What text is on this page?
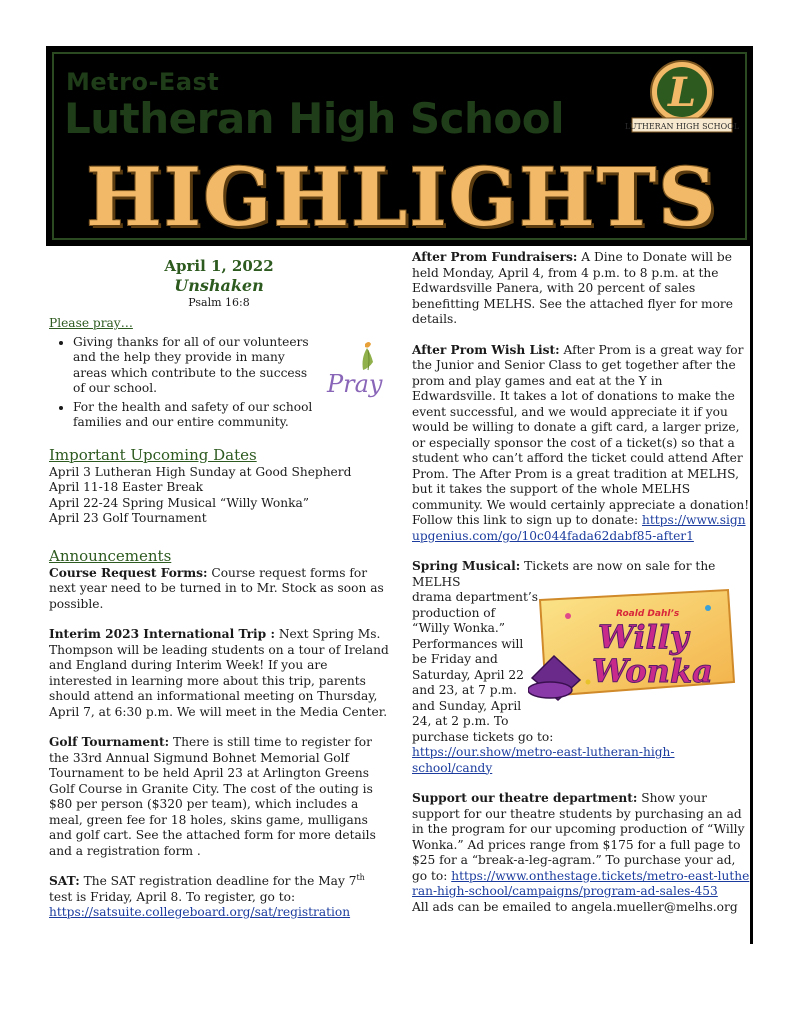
Metro-East
Lutheran High School
HIGHLIGHTS
L
LUTHERAN HIGH SCHOOL

April 1, 2022

Unshaken

Psalm 16:8

Please pray…

• Giving thanks for all of our volunteers and the help they provide in many areas which contribute to the success of our school.
• For the health and safety of our school families and our entire community.
Pray

Important Upcoming Dates

April 3 Lutheran High Sunday at Good Shepherd

April 11-18 Easter Break

April 22-24 Spring Musical “Willy Wonka”

April 23 Golf Tournament

Announcements

Course Request Forms: Course request forms for next year need to be turned in to Mr. Stock as soon as possible.

Interim 2023 International Trip : Next Spring Ms. Thompson will be leading students on a tour of Ireland and England during Interim Week! If you are interested in learning more about this trip, parents should attend an informational meeting on Thursday, April 7, at 6:30 p.m. We will meet in the Media Center.

Golf Tournament: There is still time to register for the 33rd Annual Sigmund Bohnet Memorial Golf Tournament to be held April 23 at Arlington Greens Golf Course in Granite City. The cost of the outing is $80 per person ($320 per team), which includes a meal, green fee for 18 holes, skins game, mulligans and golf cart. See the attached form for more details and a registration form .

SAT: The SAT registration deadline for the May 7th test is Friday, April 8. To register, go to:
https://satsuite.collegeboard.org/sat/registration

After Prom Fundraisers: A Dine to Donate will be held Monday, April 4, from 4 p.m. to 8 p.m. at the Edwardsville Panera, with 20 percent of sales benefitting MELHS. See the attached flyer for more details.

After Prom Wish List: After Prom is a great way for the Junior and Senior Class to get together after the prom and play games and eat at the Y in Edwardsville. It takes a lot of donations to make the event successful, and we would appreciate it if you would be willing to donate a gift card, a larger prize, or especially sponsor the cost of a ticket(s) so that a student who can’t afford the ticket could attend After Prom. The After Prom is a great tradition at MELHS, but it takes the support of the whole MELHS community. We would certainly appreciate a donation! Follow this link to sign up to donate: https://www.signupgenius.com/go/10c044fada62dabf85-after1

Spring Musical: Tickets are now on sale for the MELHS

drama department’s

production of

“Willy Wonka.”

Performances will

be Friday and

Saturday, April 22

and 23, at 7 p.m.

and Sunday, April

24, at 2 p.m. To

purchase tickets go to:

https://our.show/metro-east-lutheran-high-school/candy

Support our theatre department: Show your support for our theatre students by purchasing an ad in the program for our upcoming production of “Willy Wonka.” Ad prices range from $175 for a full page to $25 for a “break-a-leg-agram.” To purchase your ad, go to: https://www.onthestage.tickets/metro-east-lutheran-high-school/campaigns/program-ad-sales-453

All ads can be emailed to angela.mueller@melhs.org

Roald Dahl’s
Willy
Wonka
